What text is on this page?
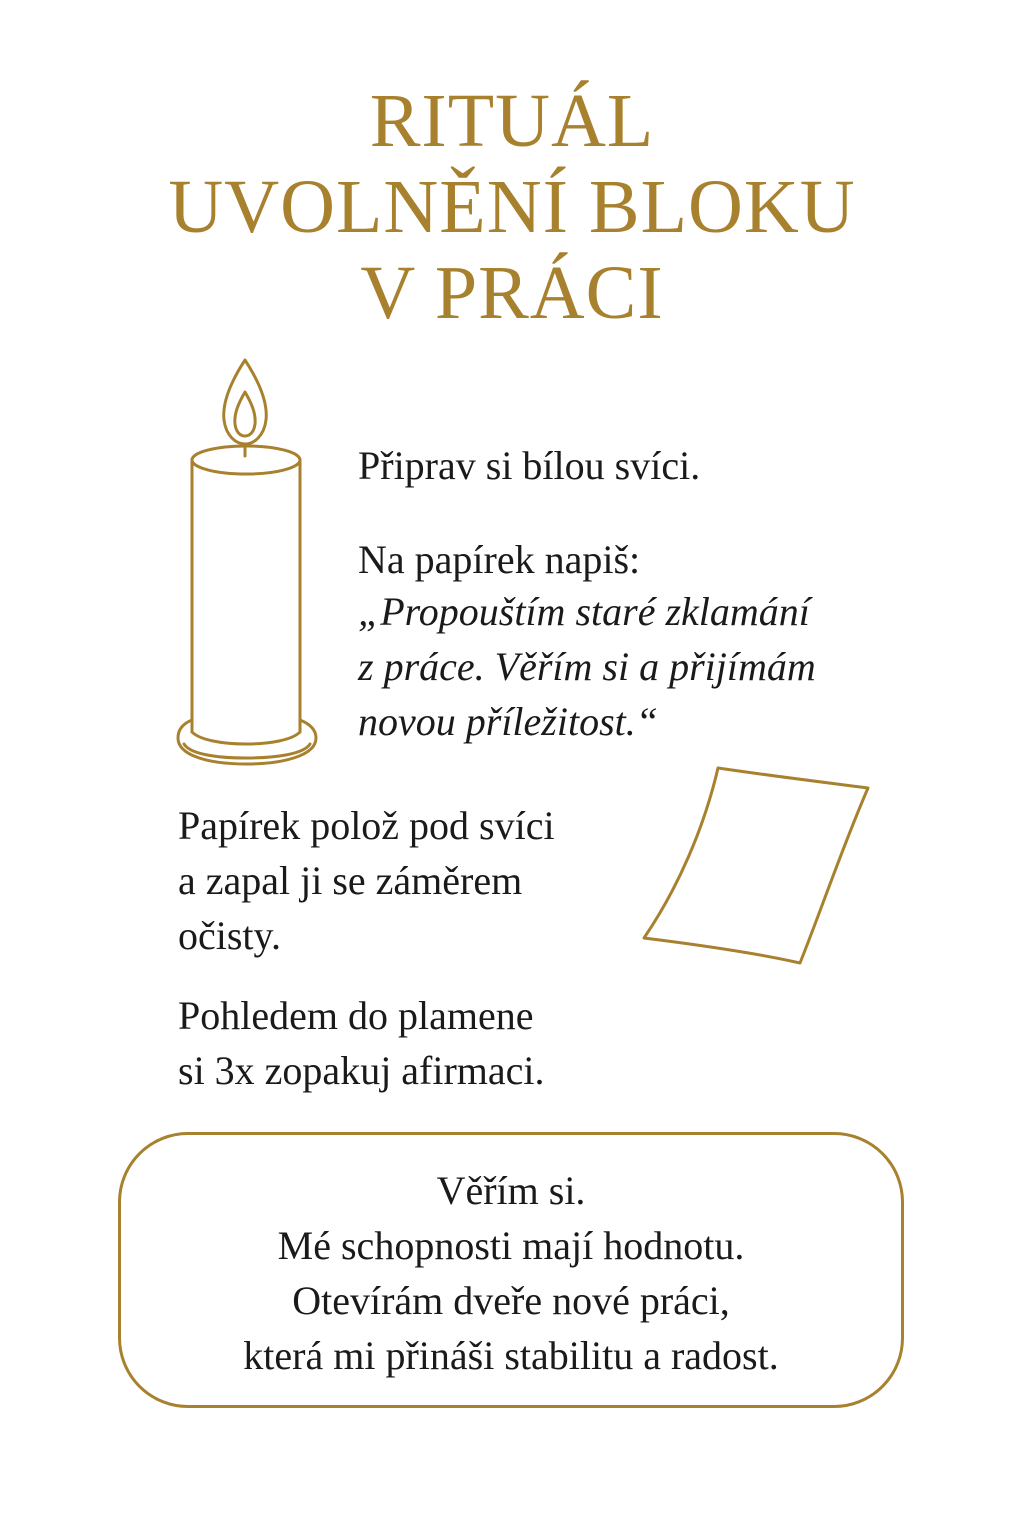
RITUÁL
UVOLNĚNÍ BLOKU
V PRÁCI
Připrav si bílou svíci.
Na papírek napiš:
„Propouštím staré zklamání
z práce. Věřím si a přijímám
novou příležitost.“
Papírek polož pod svíci
a zapal ji se záměrem
očisty.
Pohledem do plamene
si 3x zopakuj afirmaci.
Věřím si.
Mé schopnosti mají hodnotu.
Otevírám dveře nové práci,
která mi přináši stabilitu a radost.
